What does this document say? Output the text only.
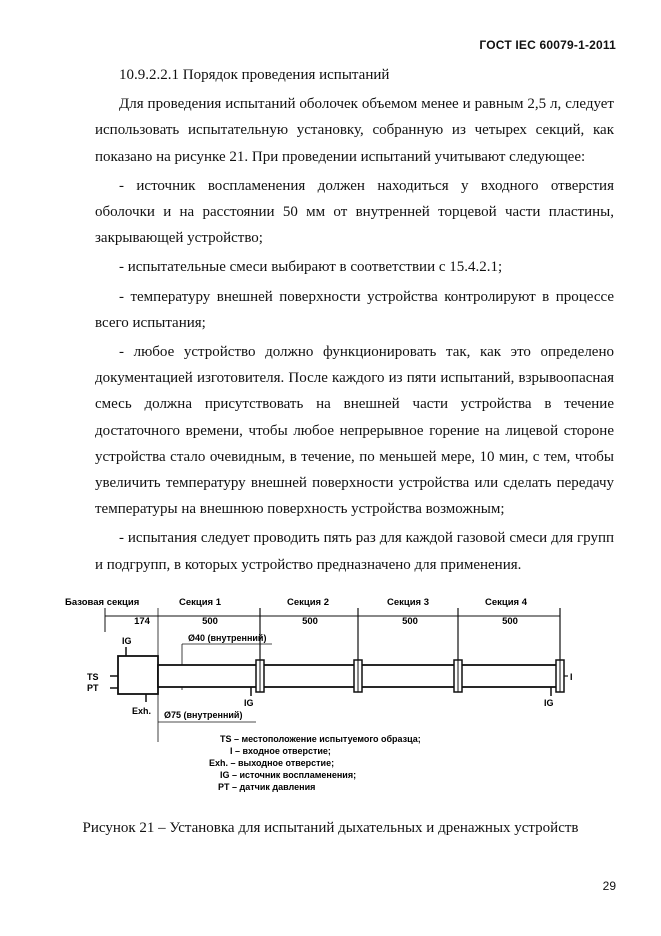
ГОСТ IEC 60079-1-2011

10.9.2.2.1 Порядок проведения испытаний

Для проведения испытаний оболочек объемом менее и равным 2,5 л, следует использовать испытательную установку, собранную из четырех секций, как показано на рисунке 21. При проведении испытаний учитывают следующее:

- источник воспламенения должен находиться у входного отверстия оболочки и на расстоянии 50 мм от внутренней торцевой части пластины, закрывающей устройство;

- испытательные смеси выбирают в соответствии с 15.4.2.1;

- температуру внешней поверхности устройства контролируют в процессе всего испытания;

- любое устройство должно функционировать так, как это определено документацией изготовителя. После каждого из пяти испытаний, взрывоопасная смесь должна присутствовать на внешней части устройства в течение достаточного времени, чтобы любое непрерывное горение на лицевой стороне устройства стало очевидным, в течение, по меньшей мере, 10 мин, с тем, чтобы увеличить температуру внешней поверхности устройства или сделать передачу температуры на внешнюю поверхность устройства возможным;

- испытания следует проводить пять раз для каждой газовой смеси для групп и подгрупп, в которых устройство предназначено для применения.

Базовая секция	Секция 1	Секция 2	Секция 3	Секция 4
174	500	500	500	500
IG	Ø40 (внутренний)
TS
PT
Exh.
IG	IG
I
Ø75 (внутренний)
TS – местоположение испытуемого образца;
I – входное отверстие;
Exh. – выходное отверстие;
IG – источник воспламенения;
PT – датчик давления
Рисунок 21 – Установка для испытаний дыхательных и дренажных устройств
29
